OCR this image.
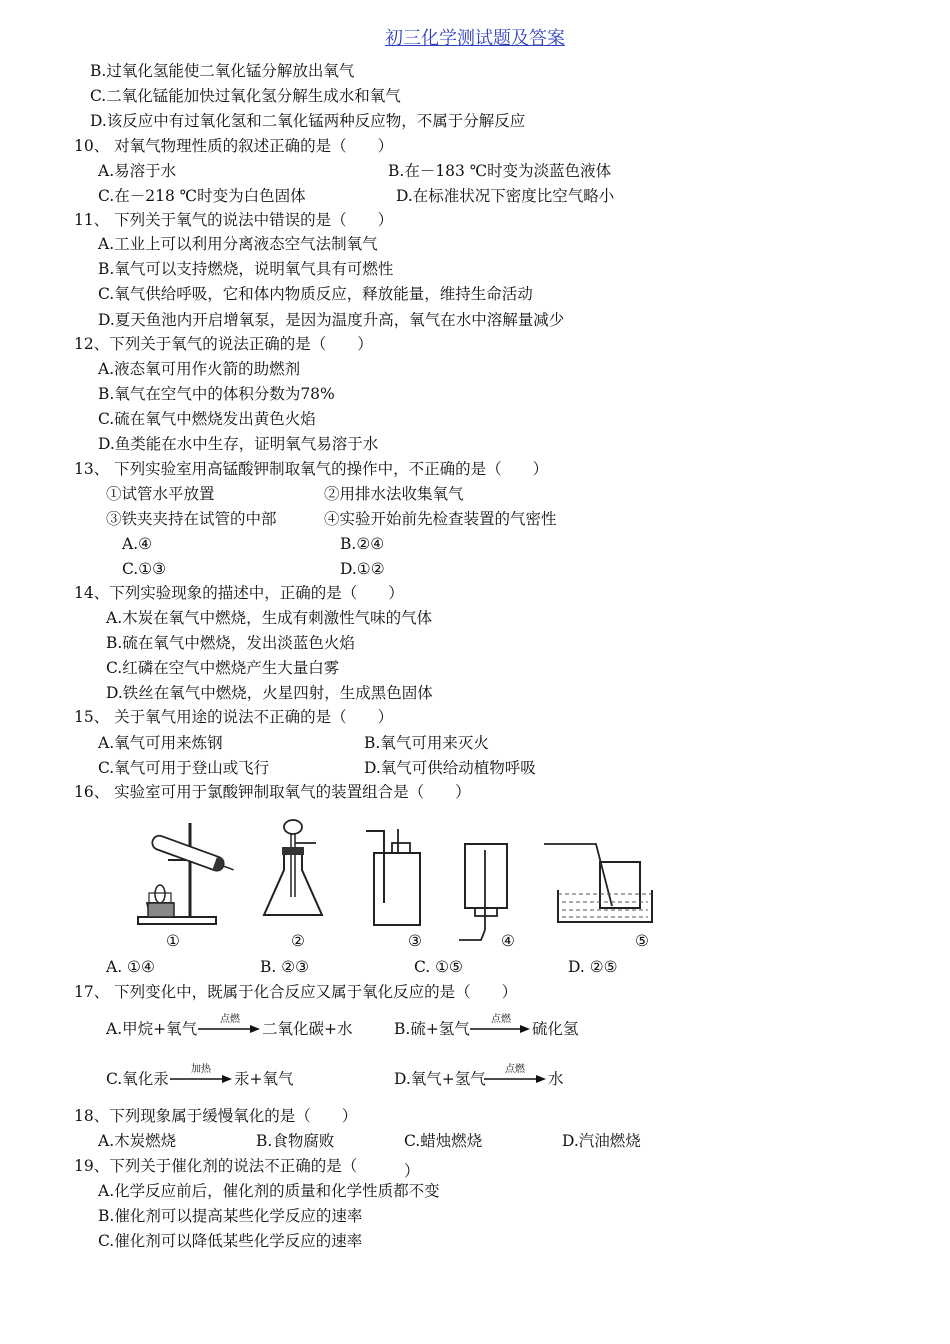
初三化学测试题及答案
B.过氧化氢能使二氧化锰分解放出氧气
C.二氧化锰能加快过氧化氢分解生成水和氧气
D.该反应中有过氧化氢和二氧化锰两种反应物，不属于分解反应
10、 对氧气物理性质的叙述正确的是（　　）
A.易溶于水	B.在－183 ℃时变为淡蓝色液体
C.在－218 ℃时变为白色固体	D.在标准状况下密度比空气略小
11、 下列关于氧气的说法中错误的是（　　）
A.工业上可以利用分离液态空气法制氧气
B.氧气可以支持燃烧，说明氧气具有可燃性
C.氧气供给呼吸，它和体内物质反应，释放能量，维持生命活动
D.夏天鱼池内开启增氧泵，是因为温度升高，氧气在水中溶解量减少
12、下列关于氧气的说法正确的是（　　）
A.液态氧可用作火箭的助燃剂
B.氧气在空气中的体积分数为78%
C.硫在氧气中燃烧发出黄色火焰
D.鱼类能在水中生存，证明氧气易溶于水
13、 下列实验室用高锰酸钾制取氧气的操作中，不正确的是（　　）
①试管水平放置	②用排水法收集氧气
③铁夹夹持在试管的中部	④实验开始前先检查装置的气密性
A.④	B.②④
C.①③	D.①②
14、下列实验现象的描述中，正确的是（　　）
A.木炭在氧气中燃烧，生成有刺激性气味的气体
B.硫在氧气中燃烧，发出淡蓝色火焰
C.红磷在空气中燃烧产生大量白雾
D.铁丝在氧气中燃烧，火星四射，生成黑色固体
15、 关于氧气用途的说法不正确的是（　　）
A.氧气可用来炼钢	B.氧气可用来灭火
C.氧气可用于登山或飞行	D.氧气可供给动植物呼吸
16、 实验室可用于氯酸钾制取氧气的装置组合是（　　）
①	②	③	④	⑤
A. ①④	B. ②③	C. ①⑤	D. ②⑤
17、 下列变化中，既属于化合反应又属于氧化反应的是（　　）
A.甲烷+氧气
点燃
二氧化碳+水	B.硫+氢气
点燃
硫化氢
C.氧化汞
加热
汞+氧气	D.氧气+氢气
点燃
水
18、下列现象属于缓慢氧化的是（　　）
A.木炭燃烧	B.食物腐败	C.蜡烛燃烧	D.汽油燃烧
19、下列关于催化剂的说法不正确的是（	）
A.化学反应前后，催化剂的质量和化学性质都不变
B.催化剂可以提高某些化学反应的速率
C.催化剂可以降低某些化学反应的速率
